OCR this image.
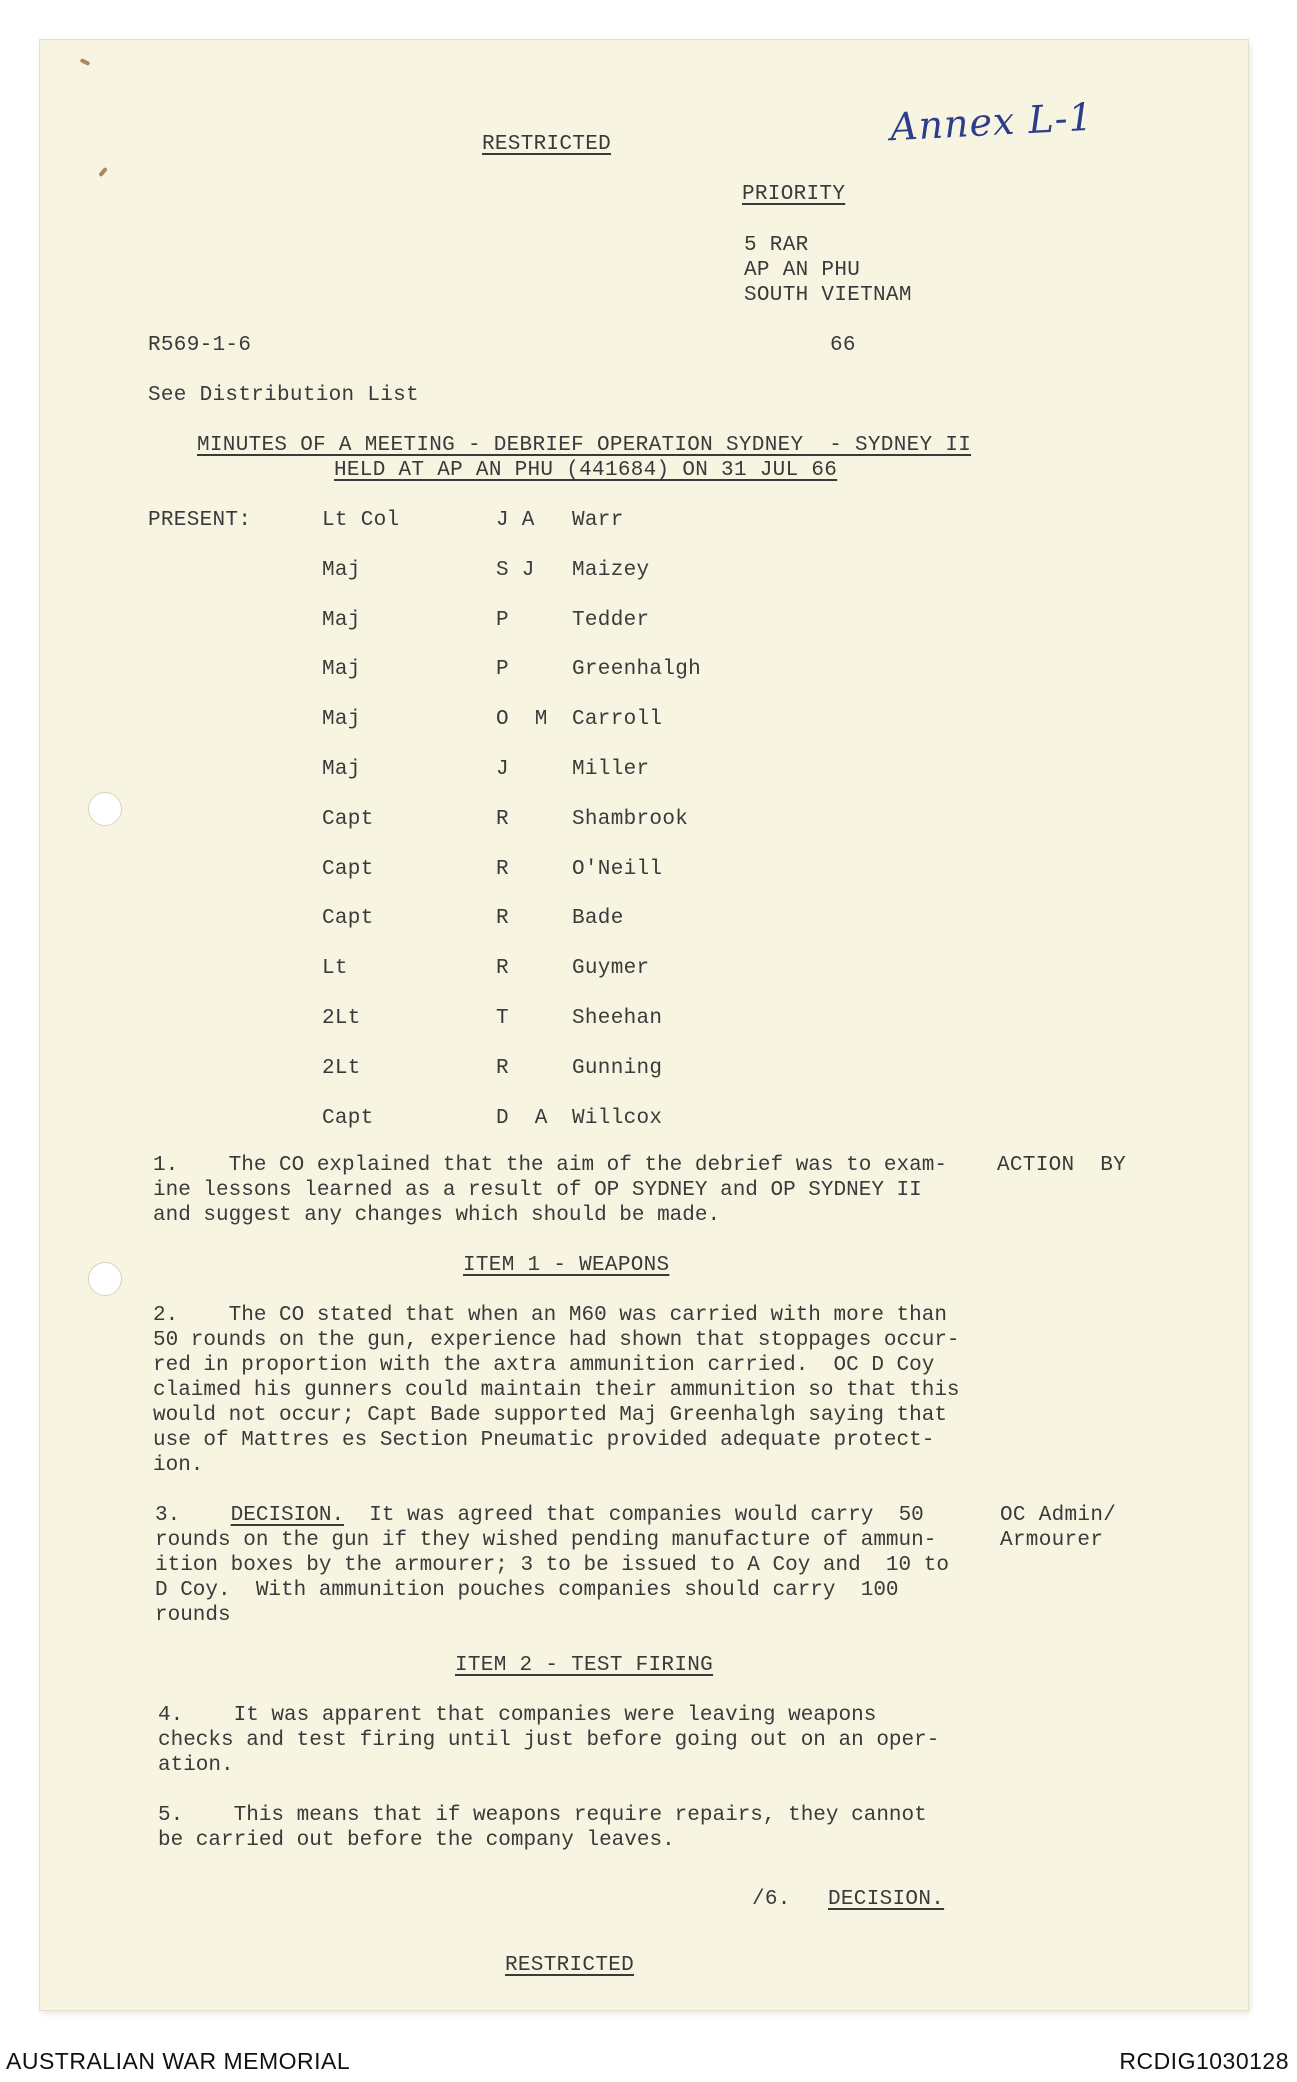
RESTRICTED	Annex L-1
PRIORITY
5 RAR
AP AN PHU
SOUTH VIETNAM
R569-1-6	66
See Distribution List
MINUTES OF A MEETING - DEBRIEF OPERATION SYDNEY  - SYDNEY II
HELD AT AP AN PHU (441684) ON 31 JUL 66
PRESENT:	Lt Col	J A Warr
Maj	S J Maizey
Maj	P	Tedder
Maj	P	Greenhalgh
Maj	O  M Carroll
Maj	J	Miller
Capt	R	Shambrook
Capt	R	O'Neill
Capt	R	Bade
Lt	R	Guymer
2Lt	T	Sheehan
2Lt	R	Gunning
Capt	D  A Willcox
1.    The CO explained that the aim of the debrief was to exam-
ine lessons learned as a result of OP SYDNEY and OP SYDNEY II
and suggest any changes which should be made.
ACTION  BY
ITEM 1 - WEAPONS
2.    The CO stated that when an M60 was carried with more than
50 rounds on the gun, experience had shown that stoppages occur-
red in proportion with the axtra ammunition carried.  OC D Coy
claimed his gunners could maintain their ammunition so that this
would not occur; Capt Bade supported Maj Greenhalgh saying that
use of Mattres es Section Pneumatic provided adequate protect-
ion.
3. DECISION. It was agreed that companies would carry  50
rounds on the gun if they wished pending manufacture of ammun-
ition boxes by the armourer; 3 to be issued to A Coy and  10 to
D Coy.  With ammunition pouches companies should carry  100
rounds
OC Admin/
Armourer
ITEM 2 - TEST FIRING
4.    It was apparent that companies were leaving weapons
checks and test firing until just before going out on an oper-
ation.
5.    This means that if weapons require repairs, they cannot
be carried out before the company leaves.
/6. DECISION.
RESTRICTED
AUSTRALIAN WAR MEMORIAL	RCDIG1030128
